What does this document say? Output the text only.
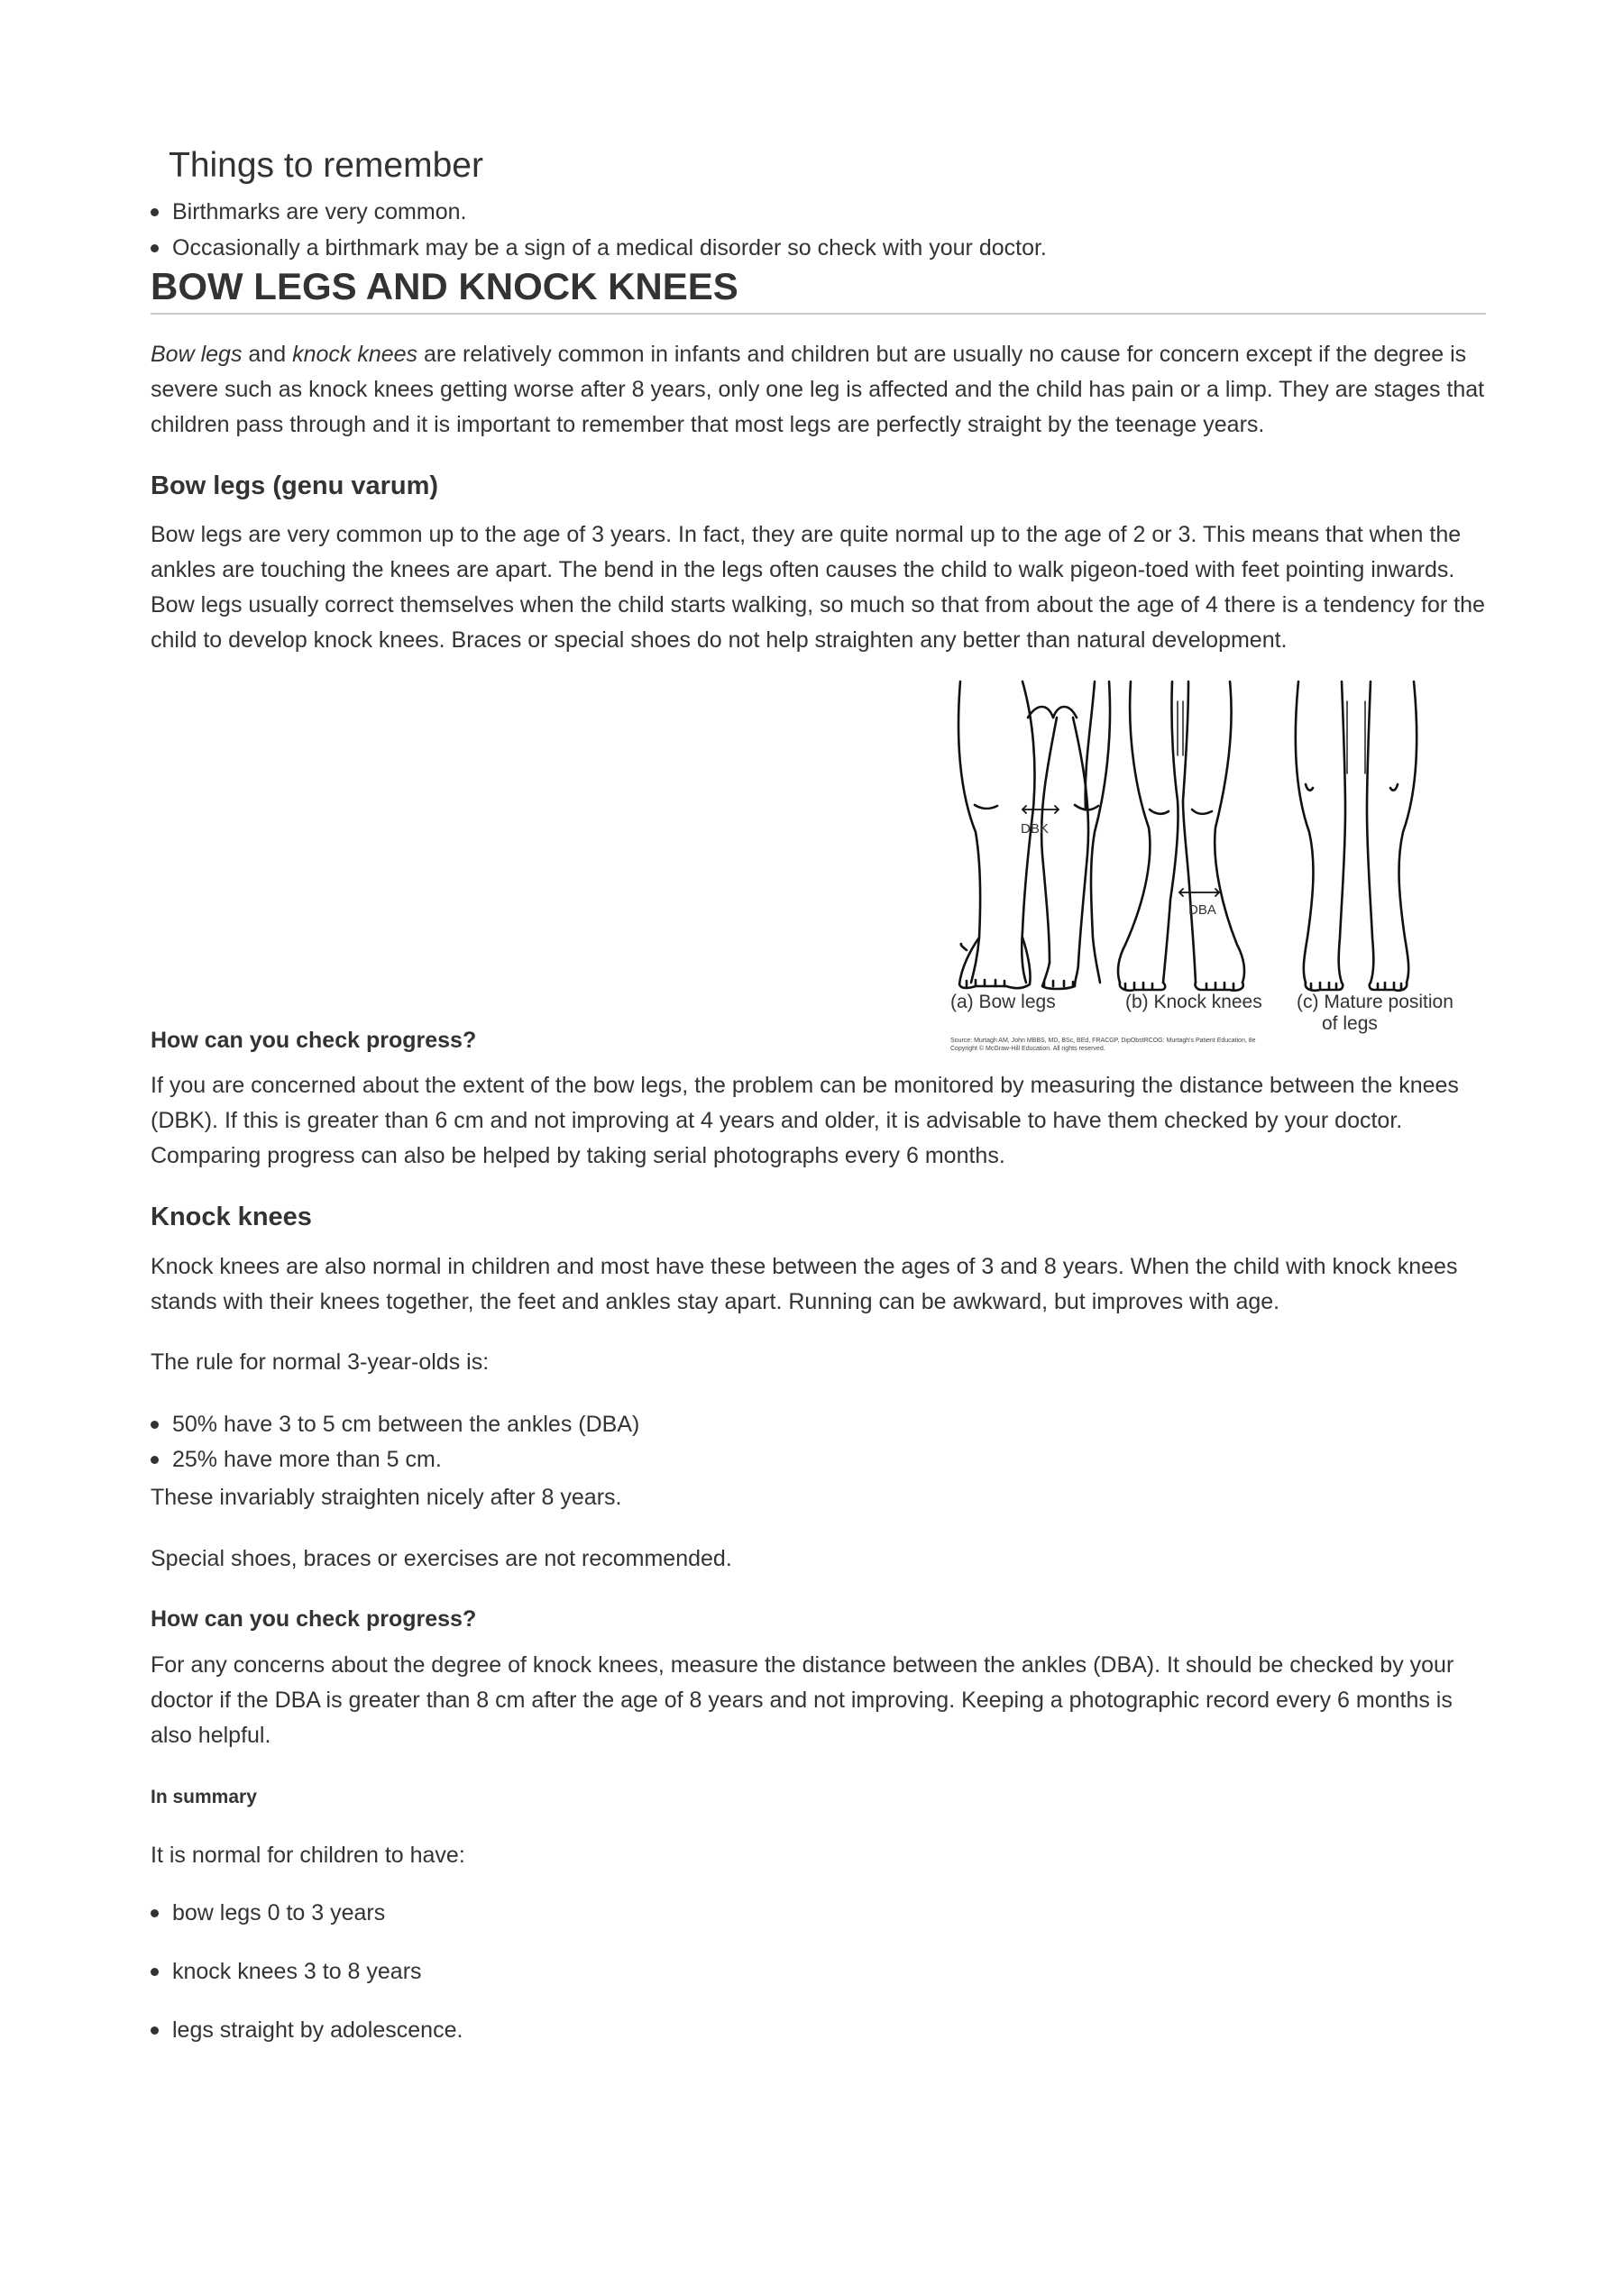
Things to remember
Birthmarks are very common.
Occasionally a birthmark may be a sign of a medical disorder so check with your doctor.
BOW LEGS AND KNOCK KNEES
Bow legs and knock knees are relatively common in infants and children but are usually no cause for concern except if the degree is severe such as knock knees getting worse after 8 years, only one leg is affected and the child has pain or a limp. They are stages that children pass through and it is important to remember that most legs are perfectly straight by the teenage years.
Bow legs (genu varum)
Bow legs are very common up to the age of 3 years. In fact, they are quite normal up to the age of 2 or 3. This means that when the ankles are touching the knees are apart. The bend in the legs often causes the child to walk pigeon-toed with feet pointing inwards. Bow legs usually correct themselves when the child starts walking, so much so that from about the age of 4 there is a tendency for the child to develop knock knees. Braces or special shoes do not help straighten any better than natural development.
DBK
DBA
(a) Bow legs	(b) Knock knees (c) Mature position
of legs
Source: Murtagh AM, John MBBS, MD, BSc, BEd, FRACGP, DipObstRCOG: Murtagh's Patient Education, 8e
Copyright © McGraw-Hill Education. All rights reserved.
How can you check progress?
If you are concerned about the extent of the bow legs, the problem can be monitored by measuring the distance between the knees (DBK). If this is greater than 6 cm and not improving at 4 years and older, it is advisable to have them checked by your doctor. Comparing progress can also be helped by taking serial photographs every 6 months.
Knock knees
Knock knees are also normal in children and most have these between the ages of 3 and 8 years. When the child with knock knees stands with their knees together, the feet and ankles stay apart. Running can be awkward, but improves with age.
The rule for normal 3-year-olds is:
50% have 3 to 5 cm between the ankles (DBA)
25% have more than 5 cm.
These invariably straighten nicely after 8 years.
Special shoes, braces or exercises are not recommended.
How can you check progress?
For any concerns about the degree of knock knees, measure the distance between the ankles (DBA). It should be checked by your doctor if the DBA is greater than 8 cm after the age of 8 years and not improving. Keeping a photographic record every 6 months is also helpful.
In summary
It is normal for children to have:
bow legs 0 to 3 years
knock knees 3 to 8 years
legs straight by adolescence.
